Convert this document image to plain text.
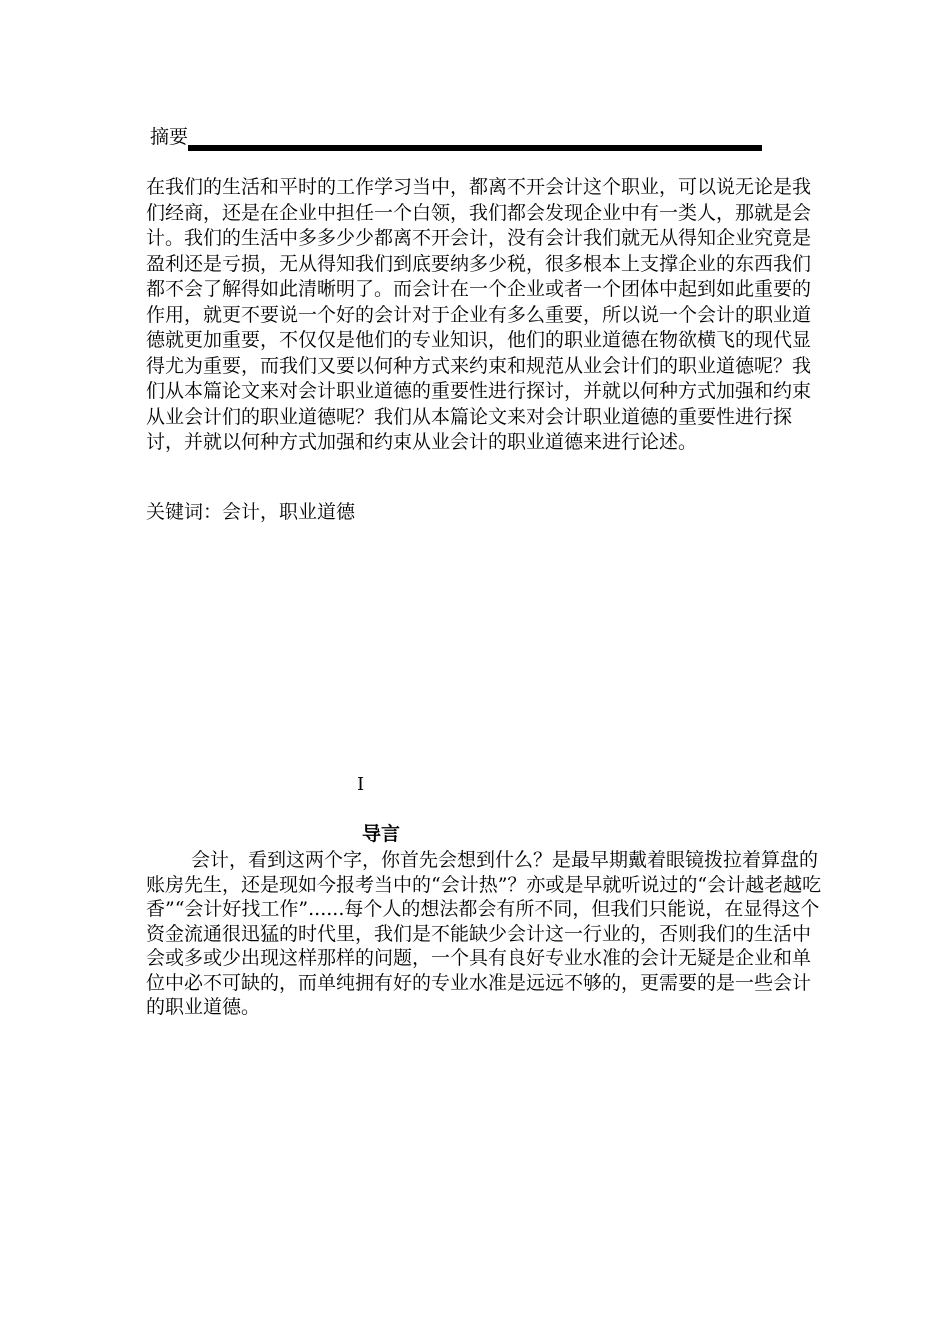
摘要

在我们的生活和平时的工作学习当中，都离不开会计这个职业，可以说无论是我们经商，还是在企业中担任一个白领，我们都会发现企业中有一类人，那就是会计。我们的生活中多多少少都离不开会计，没有会计我们就无从得知企业究竟是盈利还是亏损，无从得知我们到底要纳多少税，很多根本上支撑企业的东西我们都不会了解得如此清晰明了。而会计在一个企业或者一个团体中起到如此重要的作用，就更不要说一个好的会计对于企业有多么重要，所以说一个会计的职业道德就更加重要，不仅仅是他们的专业知识，他们的职业道德在物欲横飞的现代显得尤为重要，而我们又要以何种方式来约束和规范从业会计们的职业道德呢？我们从本篇论文来对会计职业道德的重要性进行探讨，并就以何种方式加强和约束从业会计们的职业道德呢？我们从本篇论文来对会计职业道德的重要性进行探讨，并就以何种方式加强和约束从业会计的职业道德来进行论述。

关键词：会计，职业道德

I
导言

会计，看到这两个字，你首先会想到什么？是最早期戴着眼镜拨拉着算盘的账房先生，还是现如今报考当中的“会计热”？亦或是早就听说过的“会计越老越吃香”“会计好找工作”......每个人的想法都会有所不同，但我们只能说，在显得这个资金流通很迅猛的时代里，我们是不能缺少会计这一行业的，否则我们的生活中会或多或少出现这样那样的问题，一个具有良好专业水准的会计无疑是企业和单位中必不可缺的，而单纯拥有好的专业水准是远远不够的，更需要的是一些会计的职业道德。
